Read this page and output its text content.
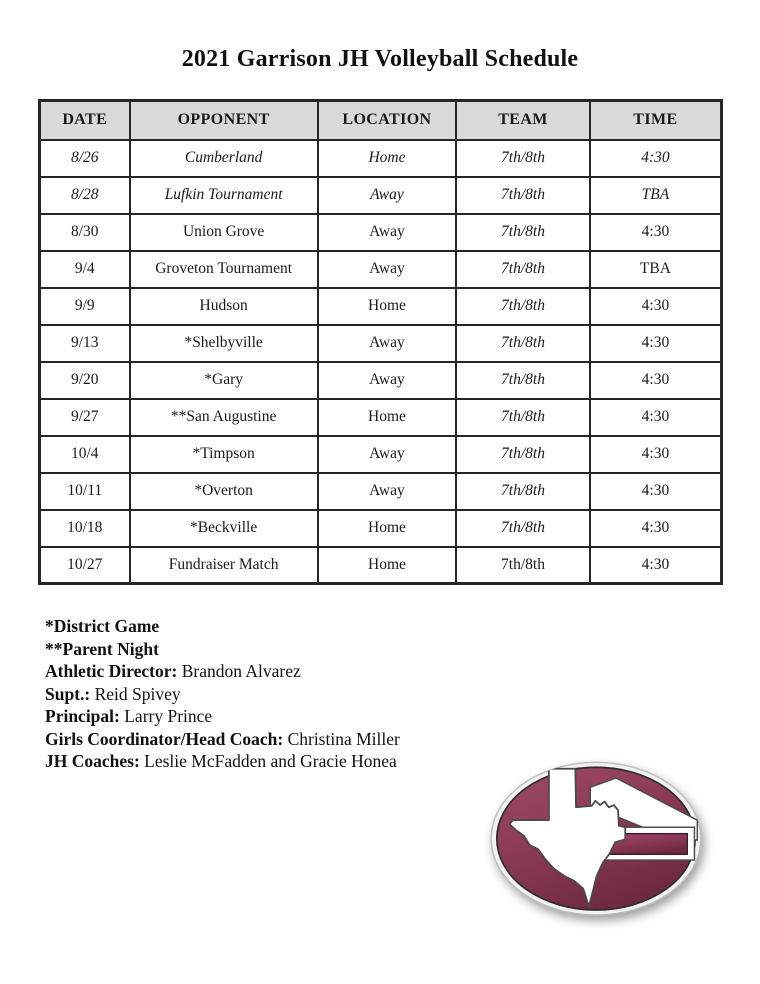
2021 Garrison JH Volleyball Schedule
DATE	OPPONENT	LOCATION	TEAM	TIME
8/26	Cumberland	Home	7th/8th	4:30
8/28	Lufkin Tournament	Away	7th/8th	TBA
8/30	Union Grove	Away	7th/8th	4:30
9/4	Groveton Tournament	Away	7th/8th	TBA
9/9	Hudson	Home	7th/8th	4:30
9/13	*Shelbyville	Away	7th/8th	4:30
9/20	*Gary	Away	7th/8th	4:30
9/27	**San Augustine	Home	7th/8th	4:30
10/4	*Timpson	Away	7th/8th	4:30
10/11	*Overton	Away	7th/8th	4:30
10/18	*Beckville	Home	7th/8th	4:30
10/27	Fundraiser Match	Home	7th/8th	4:30
*District Game
**Parent Night
Athletic Director: Brandon Alvarez
Supt.: Reid Spivey
Principal: Larry Prince
Girls Coordinator/Head Coach: Christina Miller
JH Coaches: Leslie McFadden and Gracie Honea
